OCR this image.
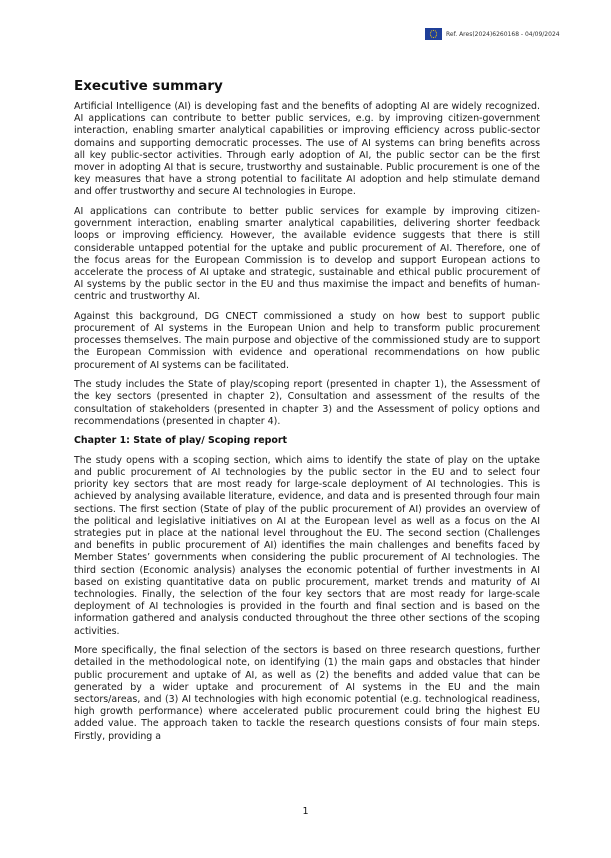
Ref. Ares(2024)6260168 - 04/09/2024
Executive summary

Artificial Intelligence (AI) is developing fast and the benefits of adopting AI are widely recognized. AI applications can contribute to better public services, e.g. by improving citizen-government interaction, enabling smarter analytical capabilities or improving efficiency across public-sector domains and supporting democratic processes. The use of AI systems can bring benefits across all key public-sector activities. Through early adoption of AI, the public sector can be the first mover in adopting AI that is secure, trustworthy and sustainable. Public procurement is one of the key measures that have a strong potential to facilitate AI adoption and help stimulate demand and offer trustworthy and secure AI technologies in Europe.

AI applications can contribute to better public services for example by improving citizen-government interaction, enabling smarter analytical capabilities, delivering shorter feedback loops or improving efficiency. However, the available evidence suggests that there is still considerable untapped potential for the uptake and public procurement of AI. Therefore, one of the focus areas for the European Commission is to develop and support European actions to accelerate the process of AI uptake and strategic, sustainable and ethical public procurement of AI systems by the public sector in the EU and thus maximise the impact and benefits of human-centric and trustworthy AI.

Against this background, DG CNECT commissioned a study on how best to support public procurement of AI systems in the European Union and help to transform public procurement processes themselves. The main purpose and objective of the commissioned study are to support the European Commission with evidence and operational recommendations on how public procurement of AI systems can be facilitated.

The study includes the State of play/scoping report (presented in chapter 1), the Assessment of the key sectors (presented in chapter 2), Consultation and assessment of the results of the consultation of stakeholders (presented in chapter 3) and the Assessment of policy options and recommendations (presented in chapter 4).

Chapter 1: State of play/ Scoping report

The study opens with a scoping section, which aims to identify the state of play on the uptake and public procurement of AI technologies by the public sector in the EU and to select four priority key sectors that are most ready for large-scale deployment of AI technologies. This is achieved by analysing available literature, evidence, and data and is presented through four main sections. The first section (State of play of the public procurement of AI) provides an overview of the political and legislative initiatives on AI at the European level as well as a focus on the AI strategies put in place at the national level throughout the EU. The second section (Challenges and benefits in public procurement of AI) identifies the main challenges and benefits faced by Member States’ governments when considering the public procurement of AI technologies. The third section (Economic analysis) analyses the economic potential of further investments in AI based on existing quantitative data on public procurement, market trends and maturity of AI technologies. Finally, the selection of the four key sectors that are most ready for large-scale deployment of AI technologies is provided in the fourth and final section and is based on the information gathered and analysis conducted throughout the three other sections of the scoping activities.

More specifically, the final selection of the sectors is based on three research questions, further detailed in the methodological note, on identifying (1) the main gaps and obstacles that hinder public procurement and uptake of AI, as well as (2) the benefits and added value that can be generated by a wider uptake and procurement of AI systems in the EU and the main sectors/areas, and (3) AI technologies with high economic potential (e.g. technological readiness, high growth performance) where accelerated public procurement could bring the highest EU added value. The approach taken to tackle the research questions consists of four main steps. Firstly, providing a

1
